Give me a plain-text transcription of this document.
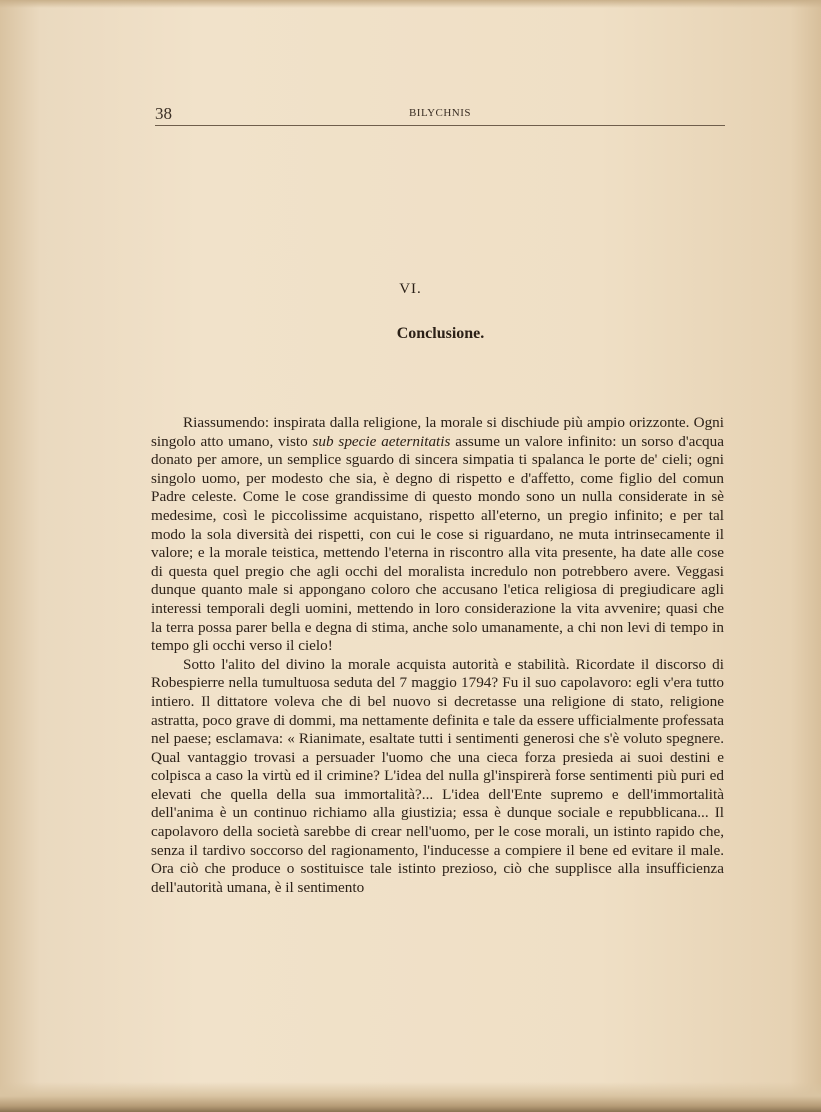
38	BILYCHNIS
VI.
Conclusione.

Riassumendo: inspirata dalla religione, la morale si dischiude più ampio orizzonte. Ogni singolo atto umano, visto sub specie aeternitatis assume un valore infinito: un sorso d'acqua donato per amore, un semplice sguardo di sincera simpatia ti spalanca le porte de' cieli; ogni singolo uomo, per modesto che sia, è degno di rispetto e d'affetto, come figlio del comun Padre celeste. Come le cose grandissime di questo mondo sono un nulla considerate in sè medesime, così le piccolissime acquistano, rispetto all'eterno, un pregio infinito; e per tal modo la sola diversità dei rispetti, con cui le cose si riguardano, ne muta intrinsecamente il valore; e la morale teistica, mettendo l'eterna in riscontro alla vita presente, ha date alle cose di questa quel pregio che agli occhi del moralista incredulo non potrebbero avere. Veggasi dunque quanto male si appongano coloro che accusano l'etica religiosa di pregiudicare agli interessi temporali degli uomini, mettendo in loro considerazione la vita avvenire; quasi che la terra possa parer bella e degna di stima, anche solo umanamente, a chi non levi di tempo in tempo gli occhi verso il cielo!

Sotto l'alito del divino la morale acquista autorità e stabilità. Ricordate il discorso di Robespierre nella tumultuosa seduta del 7 maggio 1794? Fu il suo capolavoro: egli v'era tutto intiero. Il dittatore voleva che di bel nuovo si decretasse una religione di stato, religione astratta, poco grave di dommi, ma nettamente definita e tale da essere ufficialmente professata nel paese; esclamava: « Rianimate, esaltate tutti i sentimenti generosi che s'è voluto spegnere. Qual vantaggio trovasi a persuader l'uomo che una cieca forza presieda ai suoi destini e colpisca a caso la virtù ed il crimine? L'idea del nulla gl'inspirerà forse sentimenti più puri ed elevati che quella della sua immortalità?... L'idea dell'Ente supremo e dell'immortalità dell'anima è un continuo richiamo alla giustizia; essa è dunque sociale e repubblicana... Il capolavoro della società sarebbe di crear nell'uomo, per le cose morali, un istinto rapido che, senza il tardivo soccorso del ragionamento, l'inducesse a compiere il bene ed evitare il male. Ora ciò che produce o sostituisce tale istinto prezioso, ciò che supplisce alla insufficienza dell'autorità umana, è il sentimento
